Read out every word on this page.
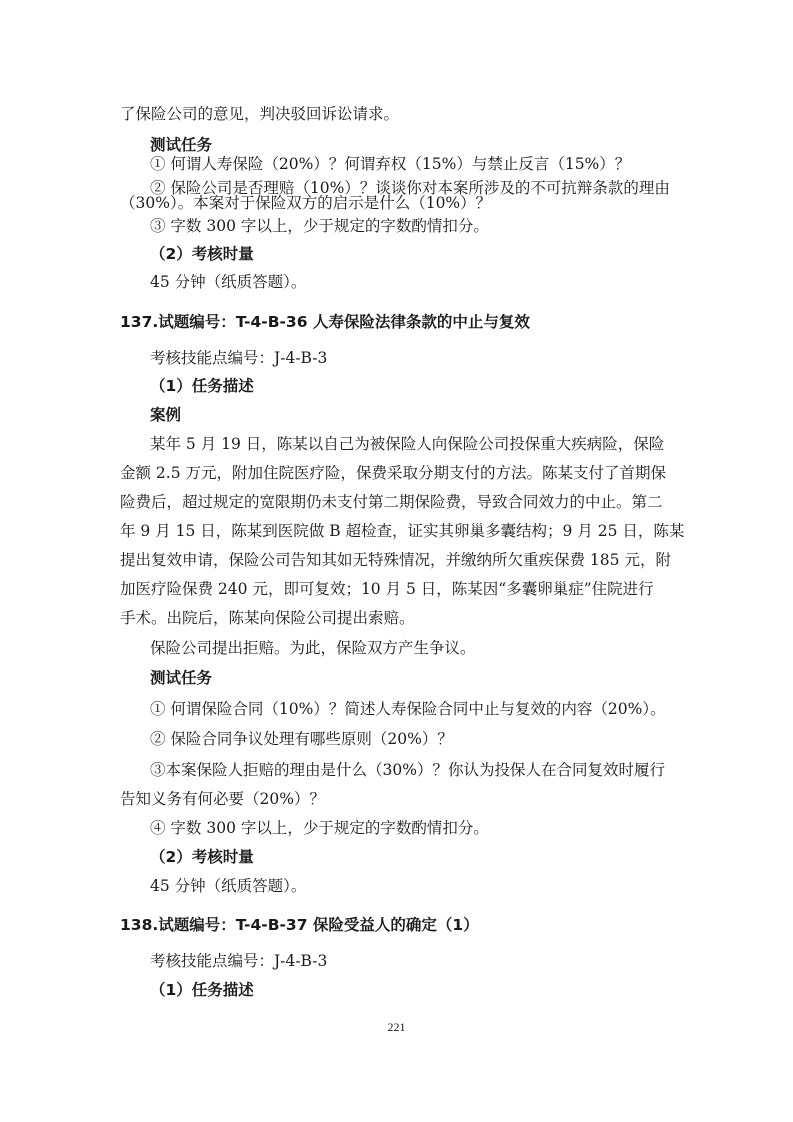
了保险公司的意见，判决驳回诉讼请求。
测试任务
① 何谓人寿保险（20%）？何谓弃权（15%）与禁止反言（15%）？
② 保险公司是否理赔（10%）？谈谈你对本案所涉及的不可抗辩条款的理由
（30%）。本案对于保险双方的启示是什么（10%）？
③ 字数 300 字以上，少于规定的字数酌情扣分。
（2）考核时量
45 分钟（纸质答题）。
137.试题编号：T-4-B-36 人寿保险法律条款的中止与复效
考核技能点编号：J-4-B-3
（1）任务描述
案例
某年 5 月 19 日，陈某以自己为被保险人向保险公司投保重大疾病险，保险
金额 2.5 万元，附加住院医疗险，保费采取分期支付的方法。陈某支付了首期保
险费后，超过规定的宽限期仍未支付第二期保险费，导致合同效力的中止。第二
年 9 月 15 日，陈某到医院做 B 超检查，证实其卵巢多囊结构；9 月 25 日，陈某
提出复效申请，保险公司告知其如无特殊情况，并缴纳所欠重疾保费 185 元，附
加医疗险保费 240 元，即可复效；10 月 5 日，陈某因“多囊卵巢症”住院进行
手术。出院后，陈某向保险公司提出索赔。
保险公司提出拒赔。为此，保险双方产生争议。
测试任务
① 何谓保险合同（10%）？简述人寿保险合同中止与复效的内容（20%）。
② 保险合同争议处理有哪些原则（20%）？
③本案保险人拒赔的理由是什么（30%）？你认为投保人在合同复效时履行
告知义务有何必要（20%）？
④ 字数 300 字以上，少于规定的字数酌情扣分。
（2）考核时量
45 分钟（纸质答题）。
138.试题编号：T-4-B-37 保险受益人的确定（1）
考核技能点编号：J-4-B-3
（1）任务描述
221
